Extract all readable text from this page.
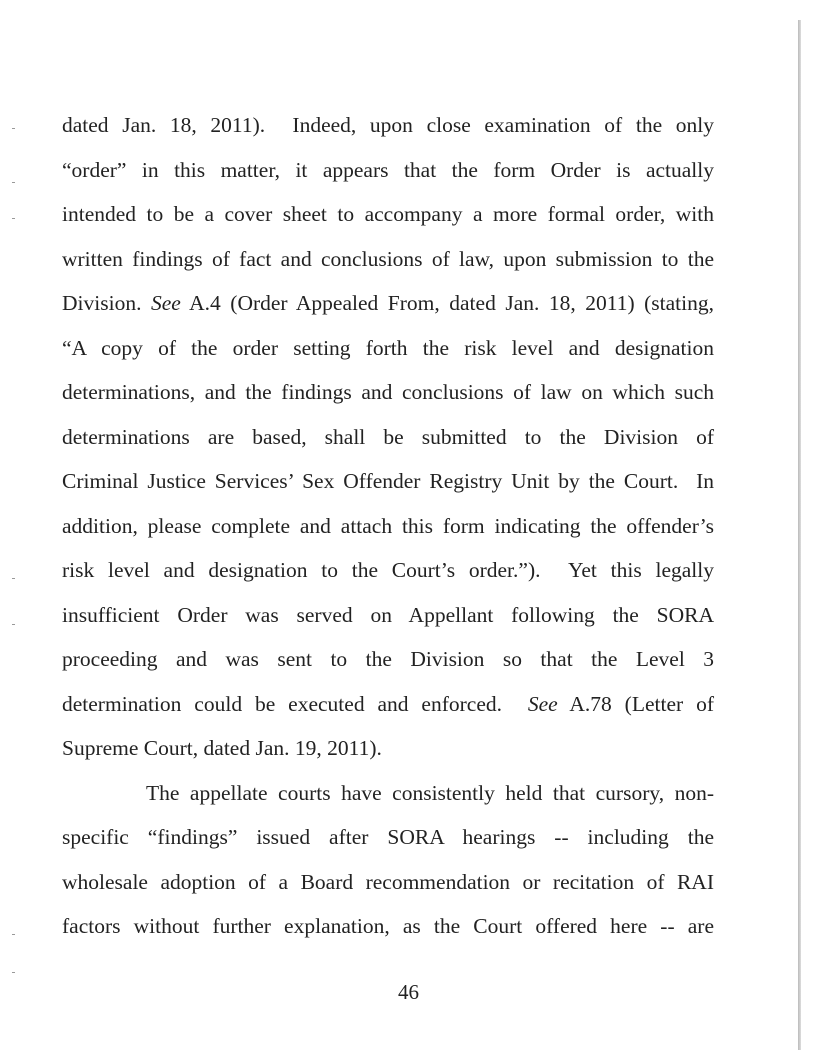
dated Jan. 18, 2011).  Indeed, upon close examination of the only
“order” in this matter, it appears that the form Order is actually
intended to be a cover sheet to accompany a more formal order, with
written findings of fact and conclusions of law, upon submission to the
Division. See A.4 (Order Appealed From, dated Jan. 18, 2011) (stating,
“A copy of the order setting forth the risk level and designation
determinations, and the findings and conclusions of law on which such
determinations are based, shall be submitted to the Division of
Criminal Justice Services’ Sex Offender Registry Unit by the Court.  In
addition, please complete and attach this form indicating the offender’s
risk level and designation to the Court’s order.”).  Yet this legally
insufficient Order was served on Appellant following the SORA
proceeding and was sent to the Division so that the Level 3
determination could be executed and enforced.  See A.78 (Letter of
Supreme Court, dated Jan. 19, 2011).
The appellate courts have consistently held that cursory, non-
specific “findings” issued after SORA hearings -- including the
wholesale adoption of a Board recommendation or recitation of RAI
factors without further explanation, as the Court offered here -- are
46
